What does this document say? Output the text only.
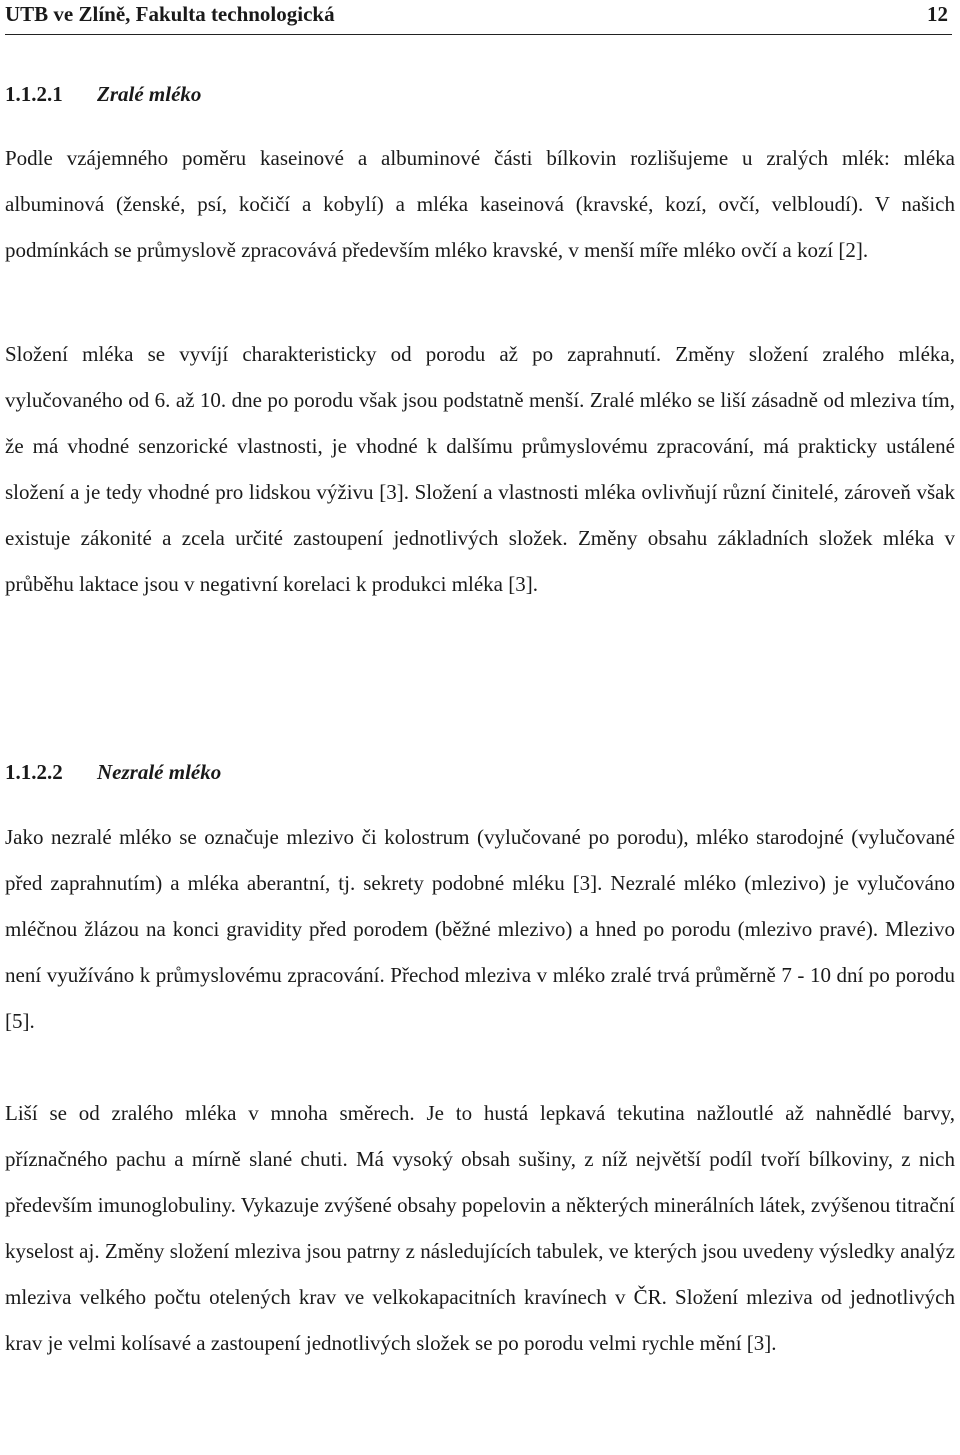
UTB ve Zlíně, Fakulta technologická	12
1.1.2.1 Zralé mléko

Podle vzájemného poměru kaseinové a albuminové části bílkovin rozlišujeme u zralých mlék: mléka albuminová (ženské, psí, kočičí a kobylí) a mléka kaseinová (kravské, kozí, ovčí, velbloudí). V našich podmínkách se průmyslově zpracovává především mléko kravské, v menší míře mléko ovčí a kozí [2].

Složení mléka se vyvíjí charakteristicky od porodu až po zaprahnutí. Změny složení zralého mléka, vylučovaného od 6. až 10. dne po porodu však jsou podstatně menší. Zralé mléko se liší zásadně od mleziva tím, že má vhodné senzorické vlastnosti, je vhodné k dalšímu průmyslovému zpracování, má prakticky ustálené složení a je tedy vhodné pro lidskou výživu [3]. Složení a vlastnosti mléka ovlivňují různí činitelé, zároveň však existuje zákonité a zcela určité zastoupení jednotlivých složek. Změny obsahu základních složek mléka v průběhu laktace jsou v negativní korelaci k produkci mléka [3].

1.1.2.2 Nezralé mléko

Jako nezralé mléko se označuje mlezivo či kolostrum (vylučované po porodu), mléko starodojné (vylučované před zaprahnutím) a mléka aberantní, tj. sekrety podobné mléku [3]. Nezralé mléko (mlezivo) je vylučováno mléčnou žlázou na konci gravidity před porodem (běžné mlezivo) a hned po porodu (mlezivo pravé). Mlezivo není využíváno k průmyslovému zpracování. Přechod mleziva v mléko zralé trvá průměrně 7 - 10 dní po porodu [5].

Liší se od zralého mléka v mnoha směrech. Je to hustá lepkavá tekutina nažloutlé až nahnědlé barvy, příznačného pachu a mírně slané chuti. Má vysoký obsah sušiny, z níž největší podíl tvoří bílkoviny, z nich především imunoglobuliny. Vykazuje zvýšené obsahy popelovin a některých minerálních látek, zvýšenou titrační kyselost aj. Změny složení mleziva jsou patrny z následujících tabulek, ve kterých jsou uvedeny výsledky analýz mleziva velkého počtu otelených krav ve velkokapacitních kravínech v ČR. Složení mleziva od jednotlivých krav je velmi kolísavé a zastoupení jednotlivých složek se po porodu velmi rychle mění [3].
